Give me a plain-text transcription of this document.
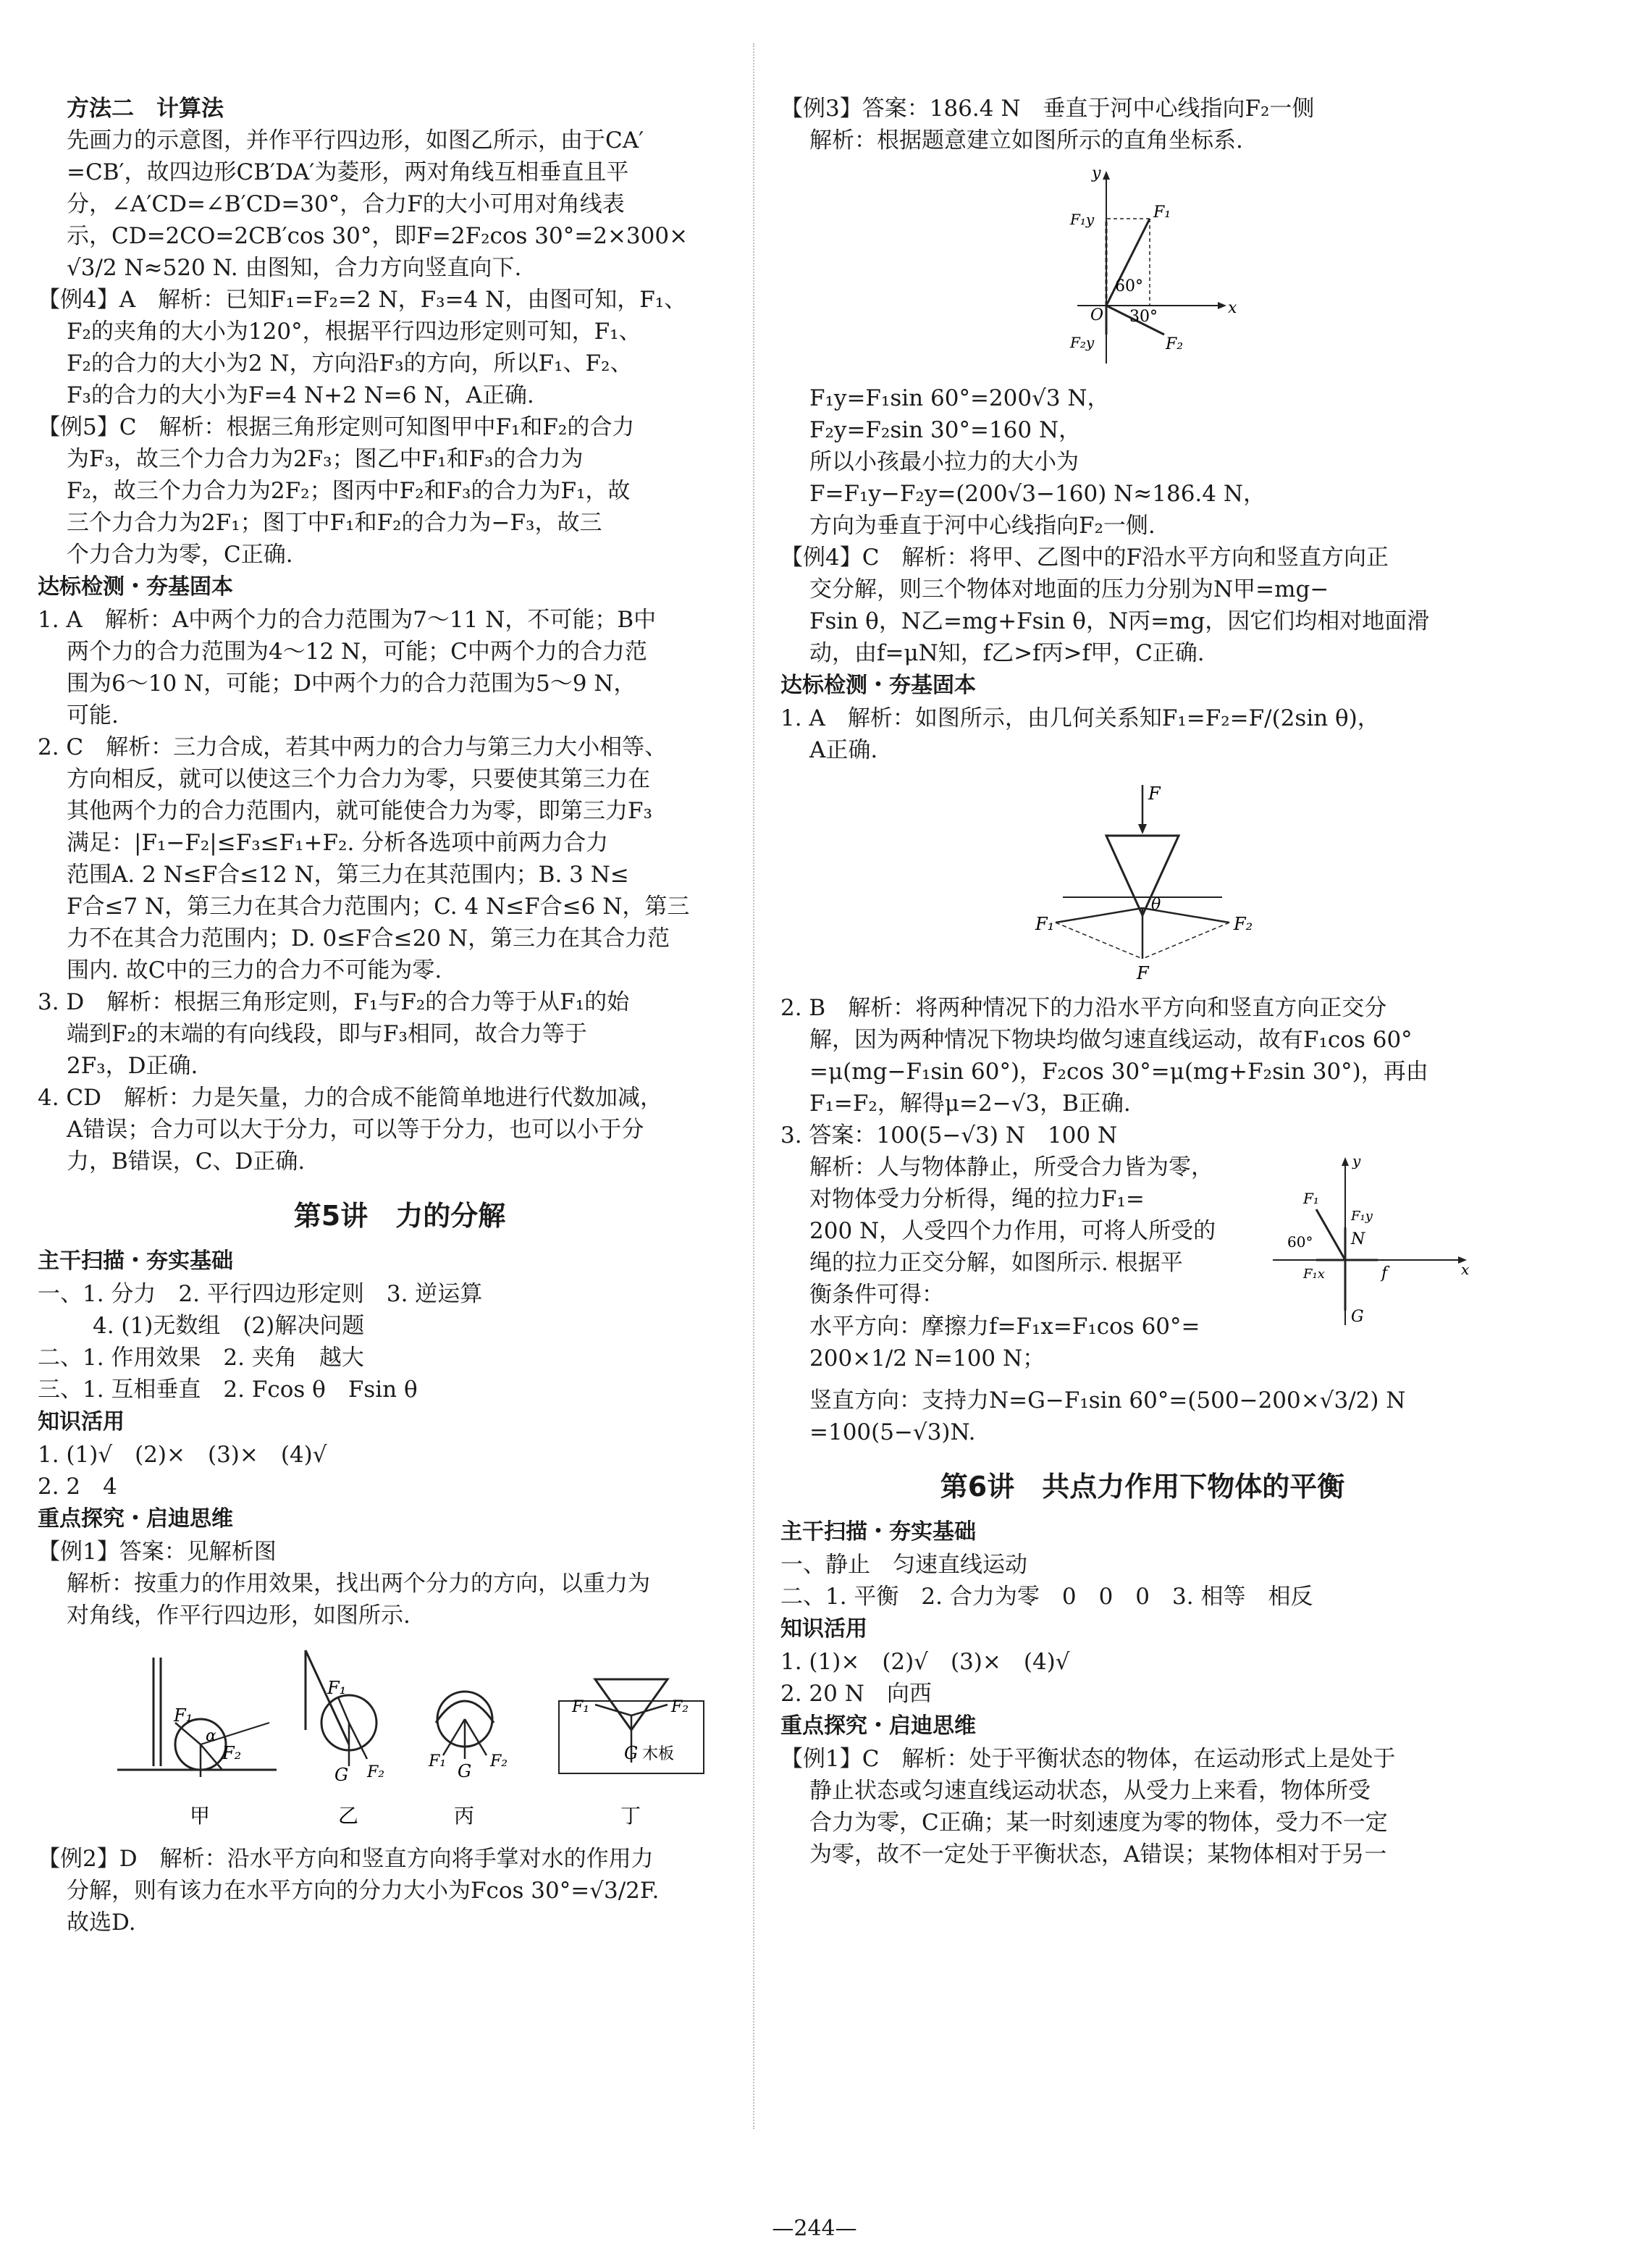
方法二　计算法

先画力的示意图，并作平行四边形，如图乙所示，由于CA′

=CB′，故四边形CB′DA′为菱形，两对角线互相垂直且平

分，∠A′CD=∠B′CD=30°，合力F的大小可用对角线表

示，CD=2CO=2CB′cos 30°，即F=2F₂cos 30°=2×300×

√3/2 N≈520 N. 由图知，合力方向竖直向下.

【例4】A　解析：已知F₁=F₂=2 N，F₃=4 N，由图可知，F₁、

F₂的夹角的大小为120°，根据平行四边形定则可知，F₁、

F₂的合力的大小为2 N，方向沿F₃的方向，所以F₁、F₂、

F₃的合力的大小为F=4 N+2 N=6 N，A正确.

【例5】C　解析：根据三角形定则可知图甲中F₁和F₂的合力

为F₃，故三个力合力为2F₃；图乙中F₁和F₃的合力为

F₂，故三个力合力为2F₂；图丙中F₂和F₃的合力为F₁，故

三个力合力为2F₁；图丁中F₁和F₂的合力为−F₃，故三

个力合力为零，C正确.

达标检测・夯基固本

1. A　解析：A中两个力的合力范围为7～11 N，不可能；B中

两个力的合力范围为4～12 N，可能；C中两个力的合力范

围为6～10 N，可能；D中两个力的合力范围为5～9 N，

可能.

2. C　解析：三力合成，若其中两力的合力与第三力大小相等、

方向相反，就可以使这三个力合力为零，只要使其第三力在

其他两个力的合力范围内，就可能使合力为零，即第三力F₃

满足：|F₁−F₂|≤F₃≤F₁+F₂. 分析各选项中前两力合力

范围A. 2 N≤F合≤12 N，第三力在其范围内；B. 3 N≤

F合≤7 N，第三力在其合力范围内；C. 4 N≤F合≤6 N，第三

力不在其合力范围内；D. 0≤F合≤20 N，第三力在其合力范

围内. 故C中的三力的合力不可能为零.

3. D　解析：根据三角形定则，F₁与F₂的合力等于从F₁的始

端到F₂的末端的有向线段，即与F₃相同，故合力等于

2F₃，D正确.

4. CD　解析：力是矢量，力的合成不能简单地进行代数加减，

A错误；合力可以大于分力，可以等于分力，也可以小于分

力，B错误，C、D正确.

第5讲　力的分解

主干扫描・夯实基础

一、1. 分力　2. 平行四边形定则　3. 逆运算

4. (1)无数组　(2)解决问题

二、1. 作用效果　2. 夹角　越大

三、1. 互相垂直　2. Fcos θ　Fsin θ

知识活用

1. (1)√　(2)×　(3)×　(4)√

2. 2　4

重点探究・启迪思维

【例1】答案：见解析图

解析：按重力的作用效果，找出两个分力的方向，以重力为

对角线，作平行四边形，如图所示.

F₁
F₂
α
甲
F₁
G F₂
乙
F₁ G F₂
丙
F₁	F₂
G 木板
丁

【例2】D　解析：沿水平方向和竖直方向将手掌对水的作用力

分解，则有该力在水平方向的分力大小为Fcos 30°=√3/2F.

故选D.

【例3】答案：186.4 N　垂直于河中心线指向F₂一侧

解析：根据题意建立如图所示的直角坐标系.

y
x
O
F₁
F₂
F₁y
F₂y
60°
30°

F₁y=F₁sin 60°=200√3 N，

F₂y=F₂sin 30°=160 N，

所以小孩最小拉力的大小为

F=F₁y−F₂y=(200√3−160) N≈186.4 N，

方向为垂直于河中心线指向F₂一侧.

【例4】C　解析：将甲、乙图中的F沿水平方向和竖直方向正

交分解，则三个物体对地面的压力分别为N甲=mg−

Fsin θ，N乙=mg+Fsin θ，N丙=mg，因它们均相对地面滑

动，由f=μN知，f乙>f丙>f甲，C正确.

达标检测・夯基固本

1. A　解析：如图所示，由几何关系知F₁=F₂=F/(2sin θ)，

A正确.

F
F₁	F₂
θ
F

2. B　解析：将两种情况下的力沿水平方向和竖直方向正交分

解，因为两种情况下物块均做匀速直线运动，故有F₁cos 60°

=μ(mg−F₁sin 60°)，F₂cos 30°=μ(mg+F₂sin 30°)，再由

F₁=F₂，解得μ=2−√3，B正确.

3. 答案：100(5−√3) N　100 N

解析：人与物体静止，所受合力皆为零，

对物体受力分析得，绳的拉力F₁=

200 N，人受四个力作用，可将人所受的

绳的拉力正交分解，如图所示. 根据平

衡条件可得：

水平方向：摩擦力f=F₁x=F₁cos 60°=

200×1/2 N=100 N；

y
x
F₁
F₁y
N
60°
F₁x	f
G

竖直方向：支持力N=G−F₁sin 60°=(500−200×√3/2) N

=100(5−√3)N.

第6讲　共点力作用下物体的平衡

主干扫描・夯实基础

一、静止　匀速直线运动

二、1. 平衡　2. 合力为零　0　0　0　3. 相等　相反

知识活用

1. (1)×　(2)√　(3)×　(4)√

2. 20 N　向西

重点探究・启迪思维

【例1】C　解析：处于平衡状态的物体，在运动形式上是处于

静止状态或匀速直线运动状态，从受力上来看，物体所受

合力为零，C正确；某一时刻速度为零的物体，受力不一定

为零，故不一定处于平衡状态，A错误；某物体相对于另一

—244—
